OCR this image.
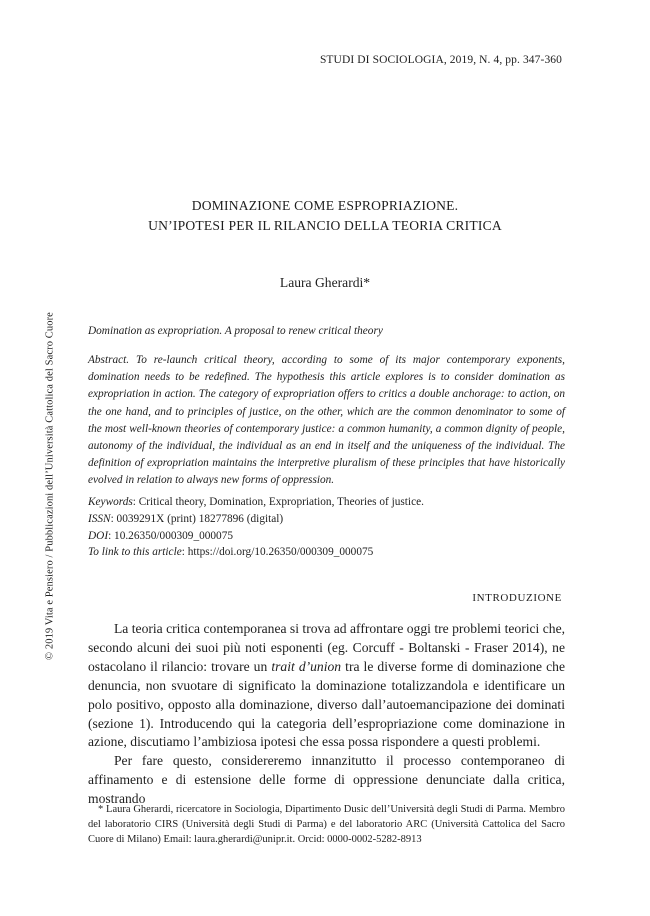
STUDI DI SOCIOLOGIA, 2019, N. 4, pp. 347-360
DOMINAZIONE COME ESPROPRIAZIONE.
UN’IPOTESI PER IL RILANCIO DELLA TEORIA CRITICA
Laura Gherardi*
Domination as expropriation. A proposal to renew critical theory
Abstract. To re-launch critical theory, according to some of its major contemporary exponents, domination needs to be redefined. The hypothesis this article explores is to consider domination as expropriation in action. The category of expropriation offers to critics a double anchorage: to action, on the one hand, and to principles of justice, on the other, which are the common denominator to some of the most well-known theories of contemporary justice: a common humanity, a common dignity of people, autonomy of the individual, the individual as an end in itself and the uniqueness of the individual. The definition of expropriation maintains the interpretive pluralism of these principles that have historically evolved in relation to always new forms of oppression.
Keywords: Critical theory, Domination, Expropriation, Theories of justice.
ISSN: 0039291X (print) 18277896 (digital)
DOI: 10.26350/000309_000075
To link to this article: https://doi.org/10.26350/000309_000075
INTRODUZIONE

La teoria critica contemporanea si trova ad affrontare oggi tre problemi teorici che, secondo alcuni dei suoi più noti esponenti (eg. Corcuff - Boltanski - Fraser 2014), ne ostacolano il rilancio: trovare un trait d’union tra le diverse forme di dominazione che denuncia, non svuotare di significato la dominazione totalizzandola e identificare un polo positivo, opposto alla dominazione, diverso dall’autoemancipazione dei dominati (sezione 1). Introducendo qui la categoria dell’espropriazione come dominazione in azione, discutiamo l’ambiziosa ipotesi che essa possa rispondere a questi problemi.

Per fare questo, considereremo innanzitutto il processo contemporaneo di affinamento e di estensione delle forme di oppressione denunciate dalla critica, mostrando

* Laura Gherardi, ricercatore in Sociologia, Dipartimento Dusic dell’Università degli Studi di Parma. Membro del laboratorio CIRS (Università degli Studi di Parma) e del laboratorio ARC (Università Cattolica del Sacro Cuore di Milano) Email: laura.gherardi@unipr.it. Orcid: 0000-0002-5282-8913
© 2019 Vita e Pensiero / Pubblicazioni dell’Università Cattolica del Sacro Cuore
